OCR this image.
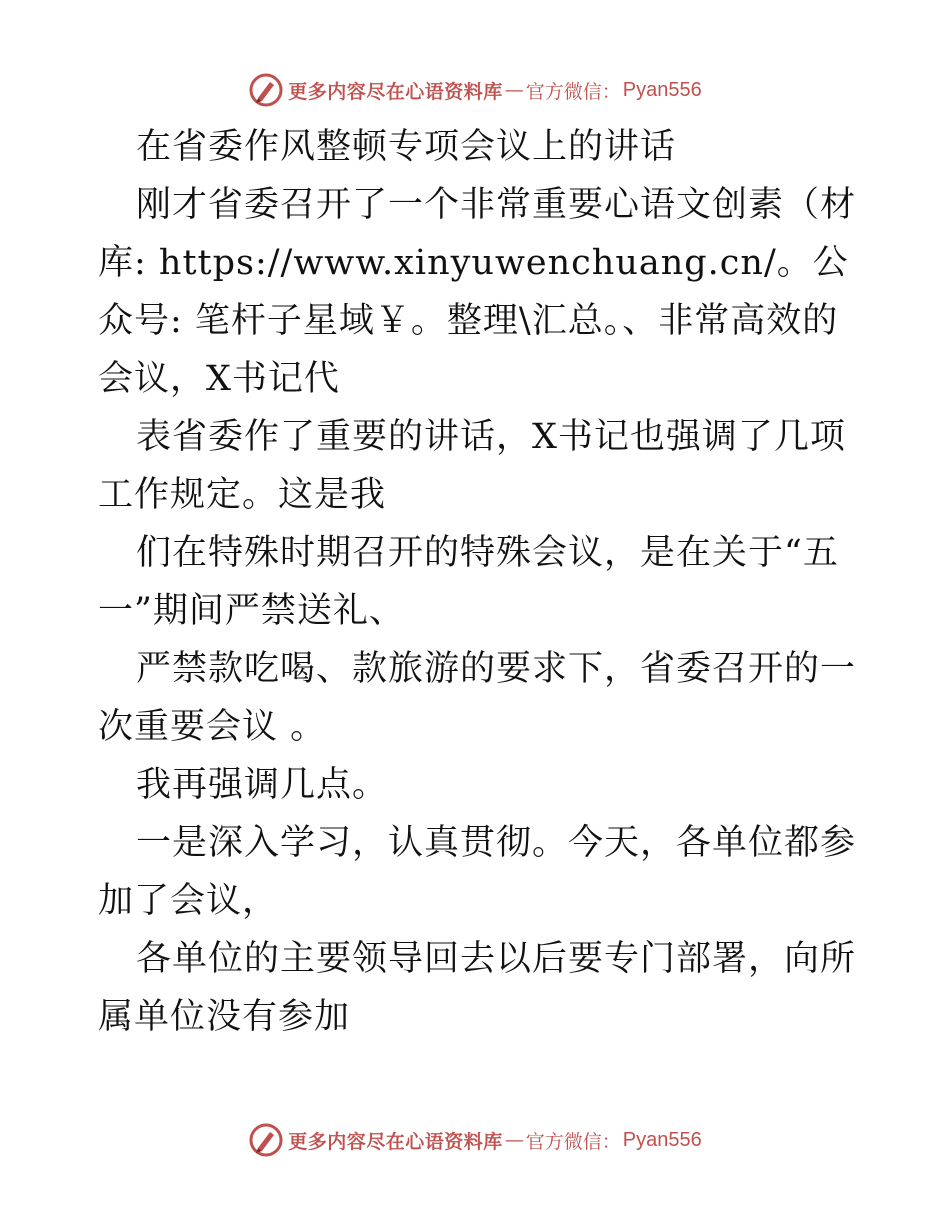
更多内容尽在心语资料库 — 官方微信： Pyan556

在省委作风整顿专项会议上的讲话

刚才省委召开了一个非常重要心语文创素（材库: https://www.xinyuwenchuang.cn/。公众号: 笔杆子星域￥。整理\汇总。、非常高效的会议，X书记代

表省委作了重要的讲话，X书记也强调了几项工作规定。这是我

们在特殊时期召开的特殊会议，是在关于“五一”期间严禁送礼、

严禁款吃喝、款旅游的要求下，省委召开的一次重要会议 。

我再强调几点。

一是深入学习，认真贯彻。今天，各单位都参加了会议，

各单位的主要领导回去以后要专门部署，向所属单位没有参加

更多内容尽在心语资料库 — 官方微信： Pyan556
